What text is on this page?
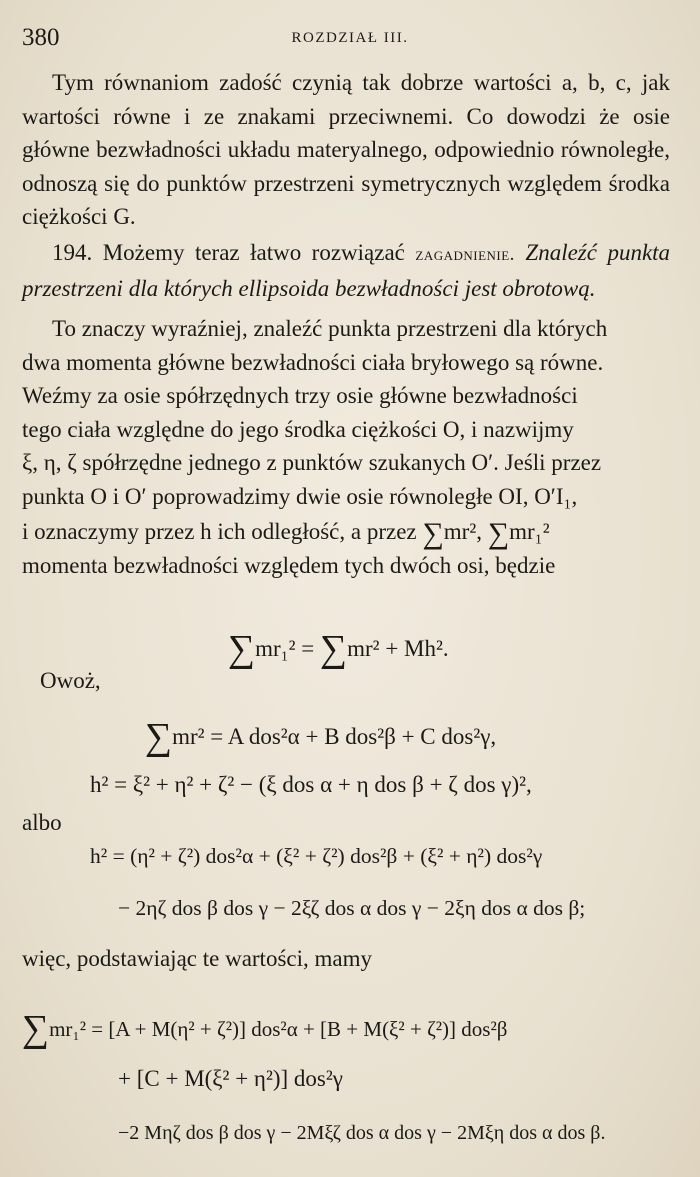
380	ROZDZIAŁ III.

Tym równaniom zadość czynią tak dobrze wartości a, b, c, jak wartości równe i ze znakami przeciwnemi. Co dowodzi że osie główne bezwładności układu materyalnego, odpowiednio równoległe, odnoszą się do punktów przestrzeni symetrycznych względem środka ciężkości G.

194. Możemy teraz łatwo rozwiązać zagadnienie. Znaleźć punkta przestrzeni dla których ellipsoida bezwładności jest obrotową.

To znaczy wyraźniej, znaleźć punkta przestrzeni dla których
dwa momenta główne bezwładności ciała bryłowego są równe.
Weźmy za osie spółrzędnych trzy osie główne bezwładności
tego ciała względne do jego środka ciężkości O, i nazwijmy
ξ, η, ζ spółrzędne jednego z punktów szukanych O′. Jeśli przez
punkta O i O′ poprowadzimy dwie osie równoległe OI, O′I₁,
i oznaczymy przez h ich odległość, a przez ∑mr², ∑mr₁²
momenta bezwładności względem tych dwóch osi, będzie
∑mr₁² = ∑mr² + Mh².
Owoż,
∑mr² = A dos²α + B dos²β + C dos²γ,
h² = ξ² + η² + ζ² − (ξ dos α + η dos β + ζ dos γ)²,
albo
h² = (η² + ζ²) dos²α + (ξ² + ζ²) dos²β + (ξ² + η²) dos²γ
− 2ηζ dos β dos γ − 2ξζ dos α dos γ − 2ξη dos α dos β;
więc, podstawiając te wartości, mamy
∑mr₁² = [A + M(η² + ζ²)] dos²α + [B + M(ξ² + ζ²)] dos²β
+ [C + M(ξ² + η²)] dos²γ
−2 Mηζ dos β dos γ − 2Mξζ dos α dos γ − 2Mξη dos α dos β.
